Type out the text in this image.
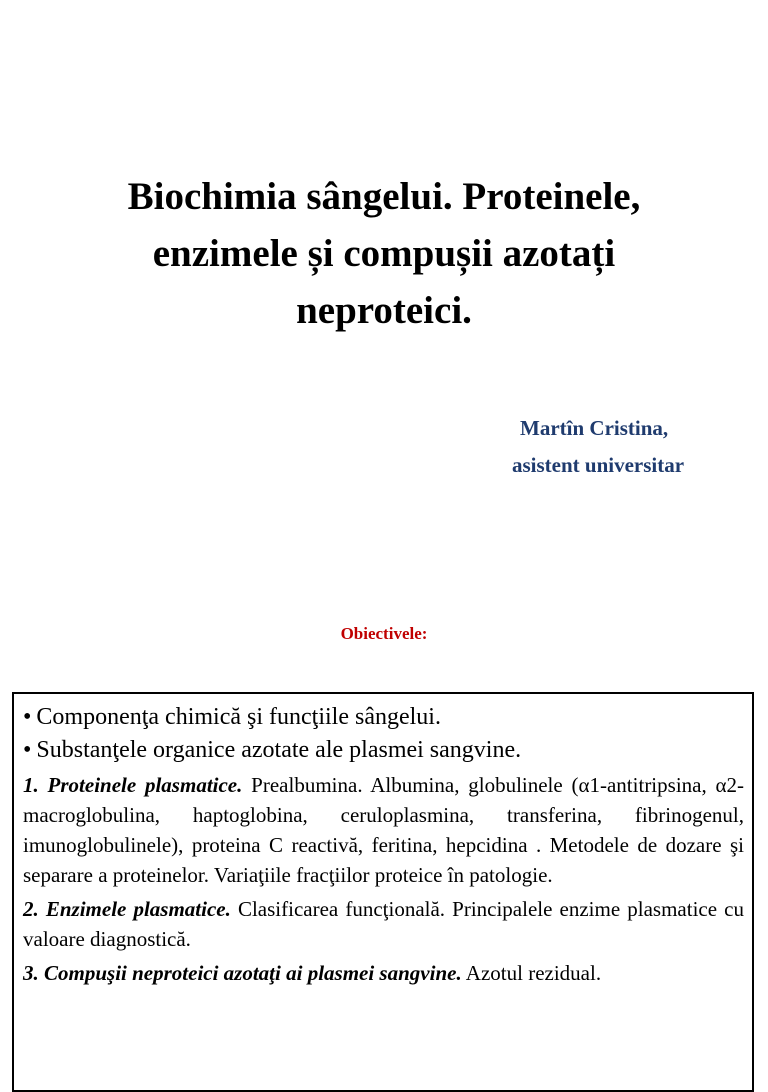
Biochimia sângelui. Proteinele,
enzimele și compușii azotați
neproteici.
Martîn Cristina,
asistent universitar
Obiectivele:
• Componenţa chimică şi funcţiile sângelui.
• Substanţele organice azotate ale plasmei sangvine.

1. Proteinele plasmatice. Prealbumina. Albumina, globulinele (α1-antitripsina, α2-macroglobulina, haptoglobina, ceruloplasmina, transferina, fibrinogenul, imunoglobulinele), proteina C reactivă, feritina, hepcidina . Metodele de dozare şi separare a proteinelor. Variaţiile fracţiilor proteice în patologie.

2. Enzimele plasmatice. Clasificarea funcţională. Principalele enzime plasmatice cu valoare diagnostică.

3. Compuşii neproteici azotaţi ai plasmei sangvine. Azotul rezidual.
